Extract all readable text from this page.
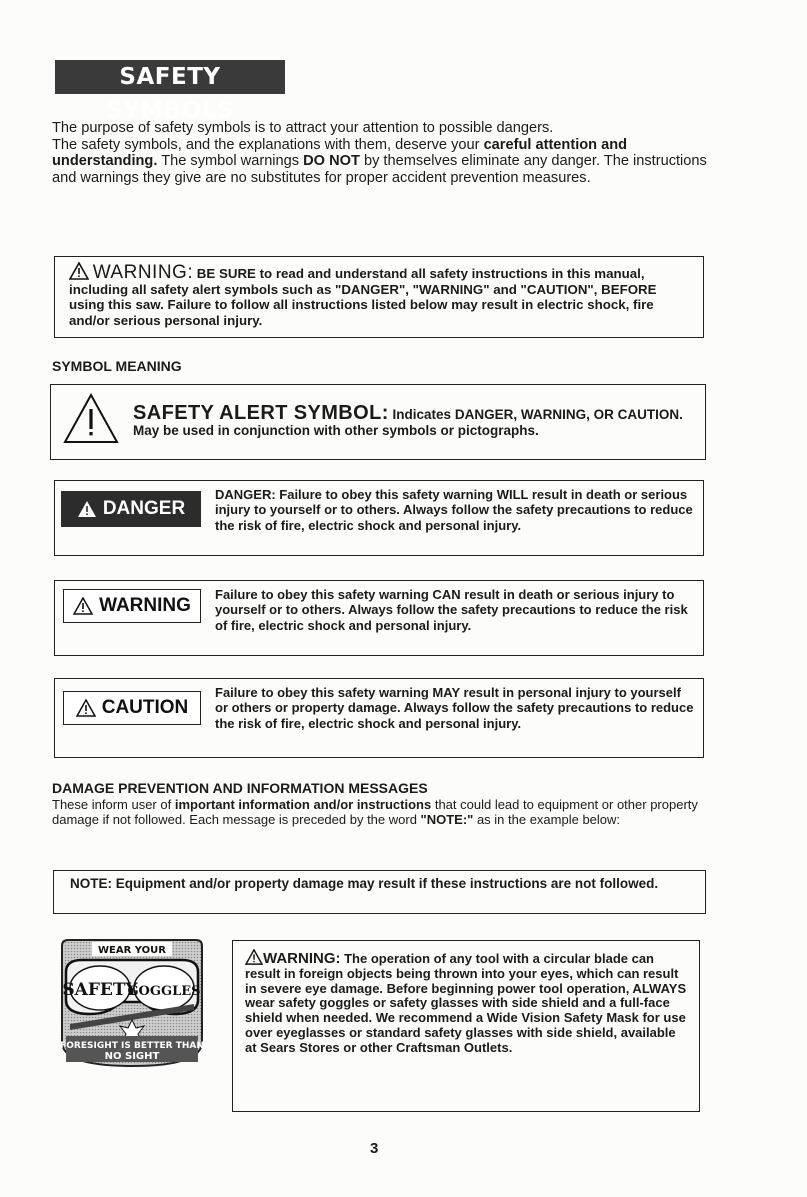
SAFETY SYMBOLS
The purpose of safety symbols is to attract your attention to possible dangers.
The safety symbols, and the explanations with them, deserve your careful attention and understanding. The symbol warnings DO NOT by themselves eliminate any danger. The instructions and warnings they give are no substitutes for proper accident prevention measures.
WARNING: BE SURE to read and understand all safety instructions in this manual, including all safety alert symbols such as "DANGER", "WARNING" and "CAUTION", BEFORE using this saw. Failure to follow all instructions listed below may result in electric shock, fire and/or serious personal injury.
SYMBOL MEANING
SAFETY ALERT SYMBOL: Indicates DANGER, WARNING, OR CAUTION. May be used in conjunction with other symbols or pictographs.
DANGER
DANGER: Failure to obey this safety warning WILL result in death or serious injury to yourself or to others. Always follow the safety precautions to reduce the risk of fire, electric shock and personal injury.
WARNING
Failure to obey this safety warning CAN result in death or serious injury to yourself or to others. Always follow the safety precautions to reduce the risk of fire, electric shock and personal injury.
CAUTION
Failure to obey this safety warning MAY result in personal injury to yourself or others or property damage. Always follow the safety precautions to reduce the risk of fire, electric shock and personal injury.
DAMAGE PREVENTION AND INFORMATION MESSAGES
These inform user of important information and/or instructions that could lead to equipment or other property damage if not followed. Each message is preceded by the word "NOTE:" as in the example below:
NOTE: Equipment and/or property damage may result if these instructions are not followed.
WEAR YOUR
SAFETY
GOGGLES
FORESIGHT IS BETTER THAN
NO SIGHT
WARNING: The operation of any tool with a circular blade can result in foreign objects being thrown into your eyes, which can result in severe eye damage. Before beginning power tool operation, ALWAYS wear safety goggles or safety glasses with side shield and a full-face shield when needed. We recommend a Wide Vision Safety Mask for use over eyeglasses or standard safety glasses with side shield, available at Sears Stores or other Craftsman Outlets.
3
